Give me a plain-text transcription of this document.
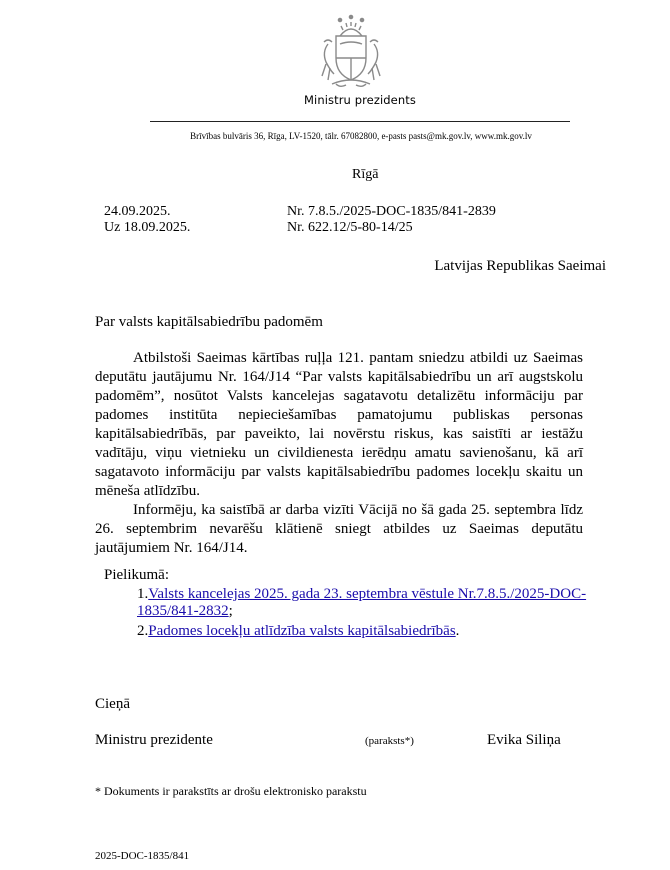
Ministru prezidents
Brīvības bulvāris 36, Rīga, LV-1520, tālr. 67082800, e-pasts pasts@mk.gov.lv, www.mk.gov.lv
Rīgā
24.09.2025.
Uz 18.09.2025.
Nr. 7.8.5./2025-DOC-1835/841-2839
Nr. 622.12/5-80-14/25
Latvijas Republikas Saeimai
Par valsts kapitālsabiedrību padomēm

Atbilstoši Saeimas kārtības ruļļa 121. pantam sniedzu atbildi uz Saeimas deputātu jautājumu Nr. 164/J14 “Par valsts kapitālsabiedrību un arī augstskolu padomēm”, nosūtot Valsts kancelejas sagatavotu detalizētu informāciju par padomes institūta nepieciešamības pamatojumu publiskas personas kapitālsabiedrībās, par paveikto, lai novērstu riskus, kas saistīti ar iestāžu vadītāju, viņu vietnieku un civildienesta ierēdņu amatu savienošanu, kā arī sagatavoto informāciju par valsts kapitālsabiedrību padomes locekļu skaitu un mēneša atlīdzību.

Informēju, ka saistībā ar darba vizīti Vācijā no šā gada 25. septembra līdz 26. septembrim nevarēšu klātienē sniegt atbildes uz Saeimas deputātu jautājumiem Nr. 164/J14.

Pielikumā:
1.Valsts kancelejas 2025. gada 23. septembra vēstule Nr.7.8.5./2025-DOC-1835/841-2832;
2.Padomes locekļu atlīdzība valsts kapitālsabiedrībās.
Cieņā
Ministru prezidente	(paraksts*)	Evika Siliņa
* Dokuments ir parakstīts ar drošu elektronisko parakstu
2025-DOC-1835/841
